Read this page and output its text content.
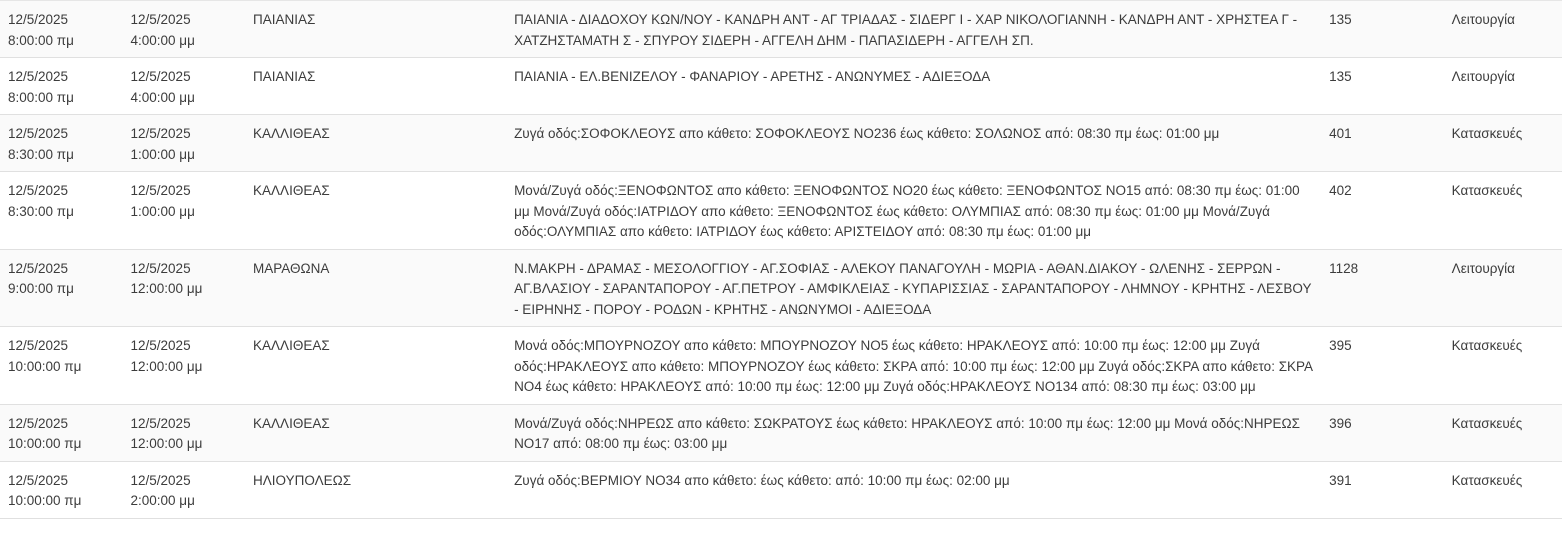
12/5/2025
8:00:00 πμ	12/5/2025
4:00:00 μμ	ΠΑΙΑΝΙΑΣ	ΠΑΙΑΝΙΑ - ΔΙΑΔΟΧΟΥ ΚΩΝ/ΝΟΥ - ΚΑΝΔΡΗ ΑΝΤ - ΑΓ ΤΡΙΑΔΑΣ - ΣΙΔΕΡΓ Ι - ΧΑΡ ΝΙΚΟΛΟΓΙΑΝΝΗ - ΚΑΝΔΡΗ ΑΝΤ - ΧΡΗΣΤΕΑ Γ - ΧΑΤΖΗΣΤΑΜΑΤΗ Σ - ΣΠΥΡΟΥ ΣΙΔΕΡΗ - ΑΓΓΕΛΗ ΔΗΜ - ΠΑΠΑΣΙΔΕΡΗ - ΑΓΓΕΛΗ ΣΠ.	135	Λειτουργία

12/5/2025
8:00:00 πμ	12/5/2025
4:00:00 μμ	ΠΑΙΑΝΙΑΣ	ΠΑΙΑΝΙΑ - ΕΛ.ΒΕΝΙΖΕΛΟΥ - ΦΑΝΑΡΙΟΥ - ΑΡΕΤΗΣ - ΑΝΩΝΥΜΕΣ - ΑΔΙΕΞΟΔΑ	135	Λειτουργία

12/5/2025
8:30:00 πμ	12/5/2025
1:00:00 μμ	ΚΑΛΛΙΘΕΑΣ	Ζυγά οδός:ΣΟΦΟΚΛΕΟΥΣ απο κάθετο: ΣΟΦΟΚΛΕΟΥΣ ΝΟ236 έως κάθετο: ΣΟΛΩΝΟΣ από: 08:30 πμ έως: 01:00 μμ	401	Κατασκευές

12/5/2025
8:30:00 πμ	12/5/2025
1:00:00 μμ	ΚΑΛΛΙΘΕΑΣ	Μονά/Ζυγά οδός:ΞΕΝΟΦΩΝΤΟΣ απο κάθετο: ΞΕΝΟΦΩΝΤΟΣ ΝΟ20 έως κάθετο: ΞΕΝΟΦΩΝΤΟΣ ΝΟ15 από: 08:30 πμ έως: 01:00 μμ Μονά/Ζυγά οδός:ΙΑΤΡΙΔΟΥ απο κάθετο: ΞΕΝΟΦΩΝΤΟΣ έως κάθετο: ΟΛΥΜΠΙΑΣ από: 08:30 πμ έως: 01:00 μμ Μονά/Ζυγά οδός:ΟΛΥΜΠΙΑΣ απο κάθετο: ΙΑΤΡΙΔΟΥ έως κάθετο: ΑΡΙΣΤΕΙΔΟΥ από: 08:30 πμ έως: 01:00 μμ	402	Κατασκευές

12/5/2025
9:00:00 πμ	12/5/2025
12:00:00 μμ	ΜΑΡΑΘΩΝΑ	Ν.ΜΑΚΡΗ - ΔΡΑΜΑΣ - ΜΕΣΟΛΟΓΓΙΟΥ - ΑΓ.ΣΟΦΙΑΣ - ΑΛΕΚΟΥ ΠΑΝΑΓΟΥΛΗ - ΜΩΡΙΑ - ΑΘΑΝ.ΔΙΑΚΟΥ - ΩΛΕΝΗΣ - ΣΕΡΡΩΝ - ΑΓ.ΒΛΑΣΙΟΥ - ΣΑΡΑΝΤΑΠΟΡΟΥ - ΑΓ.ΠΕΤΡΟΥ - ΑΜΦΙΚΛΕΙΑΣ - ΚΥΠΑΡΙΣΣΙΑΣ - ΣΑΡΑΝΤΑΠΟΡΟΥ - ΛΗΜΝΟΥ - ΚΡΗΤΗΣ - ΛΕΣΒΟΥ - ΕΙΡΗΝΗΣ - ΠΟΡΟΥ - ΡΟΔΩΝ - ΚΡΗΤΗΣ - ΑΝΩΝΥΜΟΙ - ΑΔΙΕΞΟΔΑ	1128	Λειτουργία

12/5/2025
10:00:00 πμ	12/5/2025
12:00:00 μμ	ΚΑΛΛΙΘΕΑΣ	Μονά οδός:ΜΠΟΥΡΝΟΖΟΥ απο κάθετο: ΜΠΟΥΡΝΟΖΟΥ ΝΟ5 έως κάθετο: ΗΡΑΚΛΕΟΥΣ από: 10:00 πμ έως: 12:00 μμ Ζυγά οδός:ΗΡΑΚΛΕΟΥΣ απο κάθετο: ΜΠΟΥΡΝΟΖΟΥ έως κάθετο: ΣΚΡΑ από: 10:00 πμ έως: 12:00 μμ Ζυγά οδός:ΣΚΡΑ απο κάθετο: ΣΚΡΑ ΝΟ4 έως κάθετο: ΗΡΑΚΛΕΟΥΣ από: 10:00 πμ έως: 12:00 μμ Ζυγά οδός:ΗΡΑΚΛΕΟΥΣ ΝΟ134 από: 08:30 πμ έως: 03:00 μμ	395	Κατασκευές

12/5/2025
10:00:00 πμ	12/5/2025
12:00:00 μμ	ΚΑΛΛΙΘΕΑΣ	Μονά/Ζυγά οδός:ΝΗΡΕΩΣ απο κάθετο: ΣΩΚΡΑΤΟΥΣ έως κάθετο: ΗΡΑΚΛΕΟΥΣ από: 10:00 πμ έως: 12:00 μμ Μονά οδός:ΝΗΡΕΩΣ ΝΟ17 από: 08:00 πμ έως: 03:00 μμ	396	Κατασκευές

12/5/2025
10:00:00 πμ	12/5/2025
2:00:00 μμ	ΗΛΙΟΥΠΟΛΕΩΣ	Ζυγά οδός:ΒΕΡΜΙΟΥ ΝΟ34 απο κάθετο: έως κάθετο: από: 10:00 πμ έως: 02:00 μμ	391	Κατασκευές
